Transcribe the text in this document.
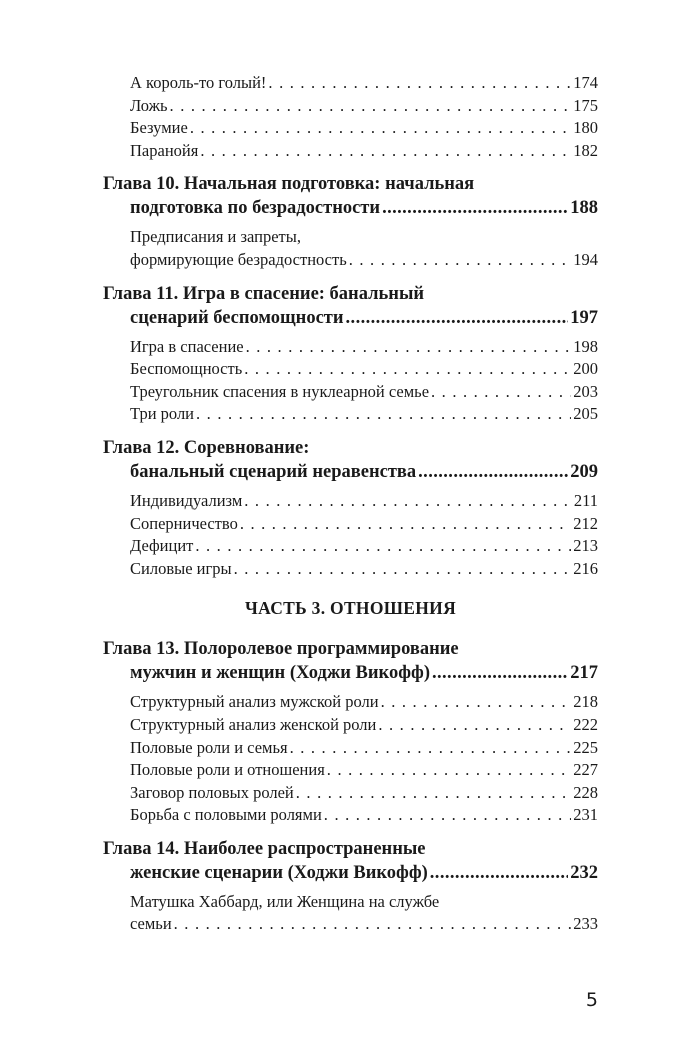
А король-то голый! . . .	174
Ложь . . .	175
Безумие . . .	180
Паранойя . . .	182
Глава 10. Начальная подготовка: начальная
подготовка по безрадостности .....	188
Предписания и запреты,
формирующие безрадостность . . .	194
Глава 11. Игра в спасение: банальный
сценарий беспомощности .....	197
Игра в спасение . . .	198
Беспомощность . . .	200
Треугольник спасения в нуклеарной семье . . .	203
Три роли . . .	205
Глава 12. Соревнование:
банальный сценарий неравенства .....	209
Индивидуализм . . .	211
Соперничество . . .	212
Дефицит . . .	213
Силовые игры . . .	216
ЧАСТЬ 3. ОТНОШЕНИЯ
Глава 13. Полоролевое программирование
мужчин и женщин (Ходжи Викофф) .....	217
Структурный анализ мужской роли . . .	218
Структурный анализ женской роли . . .	222
Половые роли и семья . . .	225
Половые роли и отношения . . .	227
Заговор половых ролей . . .	228
Борьба с половыми ролями . . .	231
Глава 14. Наиболее распространенные
женские сценарии (Ходжи Викофф) .....	232
Матушка Хаббард, или Женщина на службе
семьи . . .	233
5
